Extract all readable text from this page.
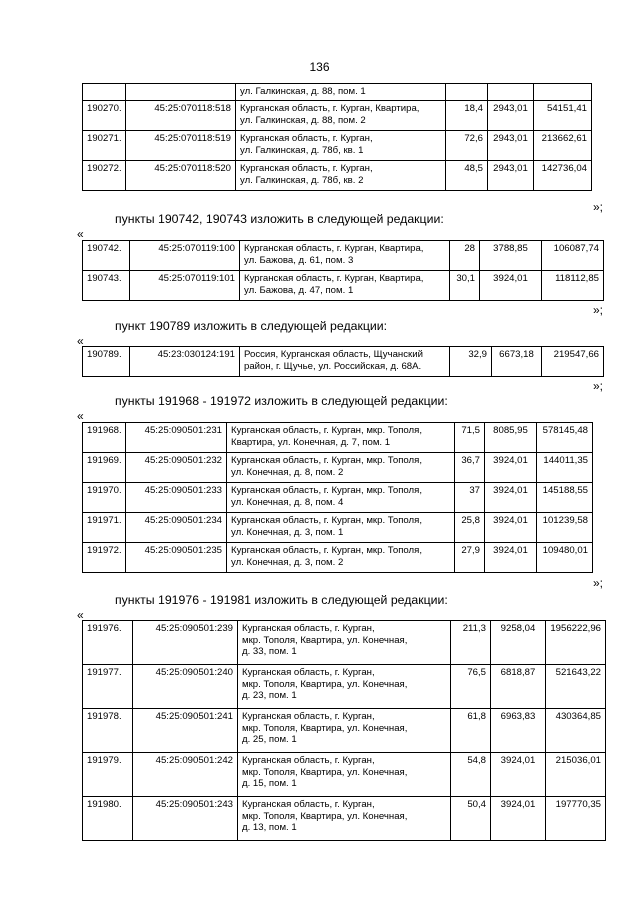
136

		ул. Галкинская, д. 88, пом. 1			

190270.	45:25:070118:518	Курганская область, г. Курган, Квартира,
ул. Галкинская, д. 88, пом. 2	18,4	2943,01	54151,41
190271.	45:25:070118:519	Курганская область, г. Курган,
ул. Галкинская, д. 78б, кв. 1	72,6	2943,01	213662,61
190272.	45:25:070118:520	Курганская область, г. Курган,
ул. Галкинская, д. 78б, кв. 2	48,5	2943,01	142736,04
»;
пункты 190742, 190743 изложить в следующей редакции:
«
190742.	45:25:070119:100	Курганская область, г. Курган, Квартира,
ул. Бажова, д. 61, пом. 3	28	3788,85	106087,74
190743.	45:25:070119:101	Курганская область, г. Курган, Квартира,
ул. Бажова, д. 47, пом. 1	30,1	3924,01	118112,85
»;
пункт 190789 изложить в следующей редакции:
«
190789.	45:23:030124:191	Россия, Курганская область, Щучанский
район, г. Щучье, ул. Российская, д. 68А.
	32,9	6673,18	219547,66
»;
пункты 191968 - 191972 изложить в следующей редакции:
«
191968.	45:25:090501:231	Курганская область, г. Курган, мкр. Тополя,
Квартира, ул. Конечная, д. 7, пом. 1	71,5	8085,95	578145,48
191969.	45:25:090501:232	Курганская область, г. Курган, мкр. Тополя,
ул. Конечная, д. 8, пом. 2	36,7	3924,01	144011,35
191970.	45:25:090501:233	Курганская область, г. Курган, мкр. Тополя,
ул. Конечная, д. 8, пом. 4	37	3924,01	145188,55
191971.	45:25:090501:234	Курганская область, г. Курган, мкр. Тополя,
ул. Конечная, д. 3, пом. 1	25,8	3924,01	101239,58
191972.	45:25:090501:235	Курганская область, г. Курган, мкр. Тополя,
ул. Конечная, д. 3, пом. 2	27,9	3924,01	109480,01
»;
пункты 191976 - 191981 изложить в следующей редакции:
«
191976.	45:25:090501:239	Курганская область, г. Курган,
мкр. Тополя, Квартира, ул. Конечная,
д. 33, пом. 1	211,3	9258,04	1956222,96
191977.	45:25:090501:240	Курганская область, г. Курган,
мкр. Тополя, Квартира, ул. Конечная,
д. 23, пом. 1	76,5	6818,87	521643,22
191978.	45:25:090501:241	Курганская область, г. Курган,
мкр. Тополя, Квартира, ул. Конечная,
д. 25, пом. 1	61,8	6963,83	430364,85
191979.	45:25:090501:242	Курганская область, г. Курган,
мкр. Тополя, Квартира, ул. Конечная,
д. 15, пом. 1	54,8	3924,01	215036,01
191980.	45:25:090501:243	Курганская область, г. Курган,
мкр. Тополя, Квартира, ул. Конечная,
д. 13, пом. 1	50,4	3924,01	197770,35
